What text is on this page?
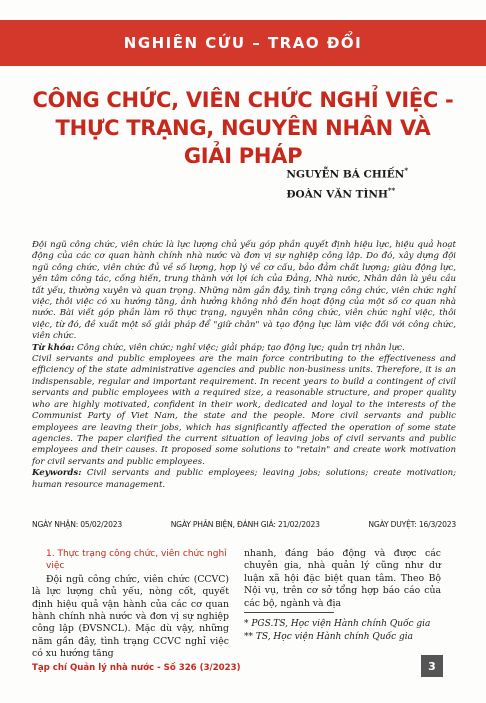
NGHIÊN CỨU – TRAO ĐỔI
CÔNG CHỨC, VIÊN CHỨC NGHỈ VIỆC -
THỰC TRẠNG, NGUYÊN NHÂN VÀ GIẢI PHÁP
NGUYỄN BÁ CHIẾN*
ĐOÀN VĂN TÌNH**

Đội ngũ công chức, viên chức là lực lượng chủ yếu góp phần quyết định hiệu lực, hiệu quả hoạt động của các cơ quan hành chính nhà nước và đơn vị sự nghiệp công lập. Do đó, xây dựng đội ngũ công chức, viên chức đủ về số lượng, hợp lý về cơ cấu, bảo đảm chất lượng; giàu động lực, yên tâm công tác, cống hiến, trung thành với lợi ích của Đảng, Nhà nước, Nhân dân là yêu cầu tất yếu, thường xuyên và quan trọng. Những năm gần đây, tình trạng công chức, viên chức nghỉ việc, thôi việc có xu hướng tăng, ảnh hưởng không nhỏ đến hoạt động của một số cơ quan nhà nước. Bài viết góp phần làm rõ thực trạng, nguyên nhân công chức, viên chức nghỉ việc, thôi việc, từ đó, đề xuất một số giải pháp để "giữ chân" và tạo động lực làm việc đối với công chức, viên chức.

Từ khóa: Công chức, viên chức; nghỉ việc; giải pháp; tạo động lực; quản trị nhân lực.

Civil servants and public employees are the main force contributing to the effectiveness and efficiency of the state administrative agencies and public non-business units. Therefore, it is an indispensable, regular and important requirement. In recent years to build a contingent of civil servants and public employees with a required size, a reasonable structure, and proper quality who are highly motivated, confident in their work, dedicated and loyal to the interests of the Communist Party of Viet Nam, the state and the people. More civil servants and public employees are leaving their jobs, which has significantly affected the operation of some state agencies. The paper clarified the current situation of leaving jobs of civil servants and public employees and their causes. It proposed some solutions to "retain" and create work motivation for civil servants and public employees.

Keywords: Civil servants and public employees; leaving jobs; solutions; create motivation; human resource management.

NGÀY NHẬN: 05/02/2023	NGÀY PHẢN BIỆN, ĐÁNH GIÁ: 21/02/2023	NGÀY DUYỆT: 16/3/2023
1. Thực trạng công chức, viên chức nghỉ việc

Đội ngũ công chức, viên chức (CCVC) là lực lượng chủ yếu, nòng cốt, quyết định hiệu quả vận hành của các cơ quan hành chính nhà nước và đơn vị sự nghiệp công lập (ĐVSNCL). Mặc dù vậy, những năm gần đây, tình trạng CCVC nghỉ việc có xu hướng tăng

nhanh, đáng báo động và được các chuyên gia, nhà quản lý cũng như dư luận xã hội đặc biệt quan tâm. Theo Bộ Nội vụ, trên cơ sở tổng hợp báo cáo của các bộ, ngành và địa

* PGS.TS, Học viện Hành chính Quốc gia
** TS, Học viện Hành chính Quốc gia
Tạp chí Quản lý nhà nước - Số 326 (3/2023)	3
